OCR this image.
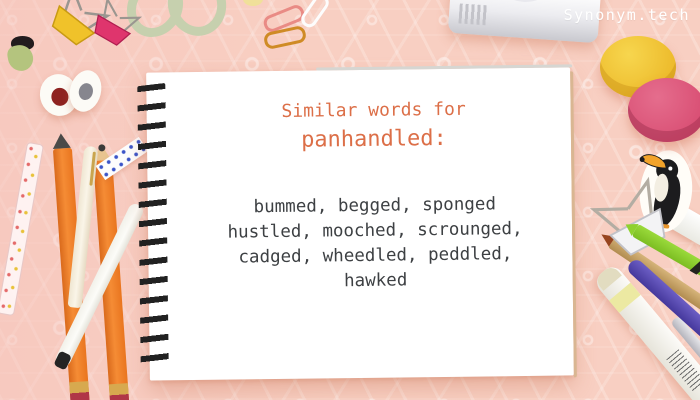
Synonym.tech
Similar words for
panhandled:
bummed, begged, sponged
hustled, mooched, scrounged,
cadged, wheedled, peddled,
hawked
